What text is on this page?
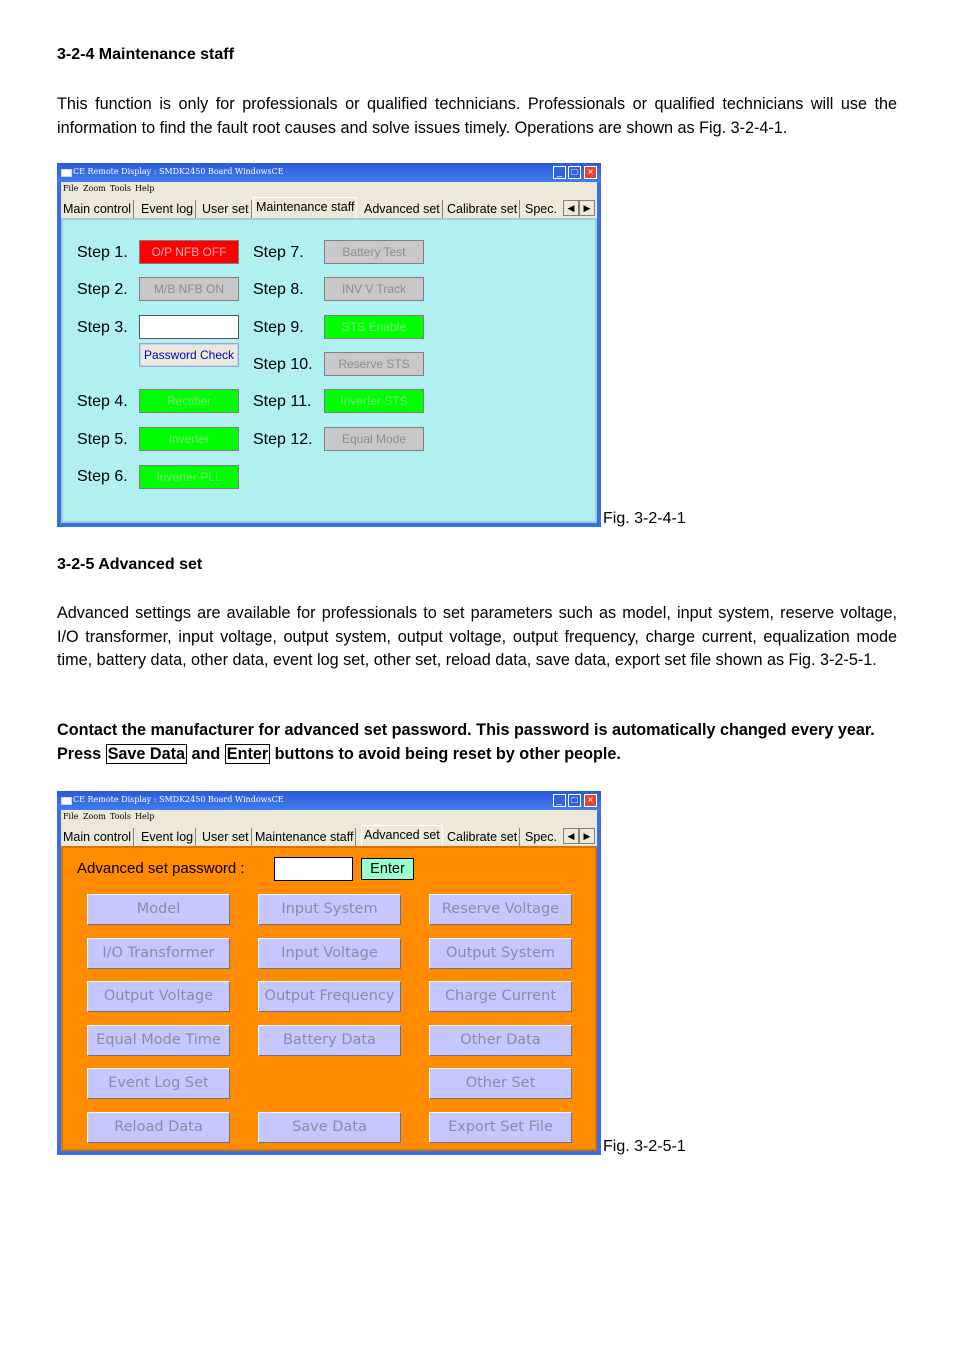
3-2-4 Maintenance staff
This function is only for professionals or qualified technicians. Professionals or qualified technicians will use the information to find the fault root causes and solve issues timely. Operations are shown as Fig. 3-2-4-1.
CE Remote Display : SMDK2450 Board WindowsCE	_ □	×
File Zoom Tools Help
Main control Event log User set Maintenance staff Advanced set Calibrate set Spec.	◀	▶
Step 1.	O/P NFB OFF
Step 2.	M/B NFB ON
Step 3.
Password Check
Step 4.	Rectifier
Step 5.	Inverter
Step 6.	Inverter PLL
Step 7.	Battery Test
Step 8.	INV V Track
Step 9.	STS Enable
Step 10.	Reserve STS
Step 11.	Inverter STS
Step 12.	Equal Mode
Fig. 3-2-4-1
3-2-5 Advanced set
Advanced settings are available for professionals to set parameters such as model, input system, reserve voltage, I/O transformer, input voltage, output system, output voltage, output frequency, charge current, equalization mode time, battery data, other data, event log set, other set, reload data, save data, export set file shown as Fig. 3-2-5-1.
Contact the manufacturer for advanced set password. This password is automatically changed every year.
Press Save Data and Enter buttons to avoid being reset by other people.
CE Remote Display : SMDK2450 Board WindowsCE	_ □	×
File Zoom Tools Help
Main control Event log User set Maintenance staff Advanced set Calibrate set Spec.	◀	▶
Advanced set password :	Enter
Model	Input System	Reserve Voltage
I/O Transformer	Input Voltage	Output System
Output Voltage	Output Frequency	Charge Current
Equal Mode Time	Battery Data	Other Data
Event Log Set	Other Set
Reload Data	Save Data	Export Set File
Fig. 3-2-5-1
